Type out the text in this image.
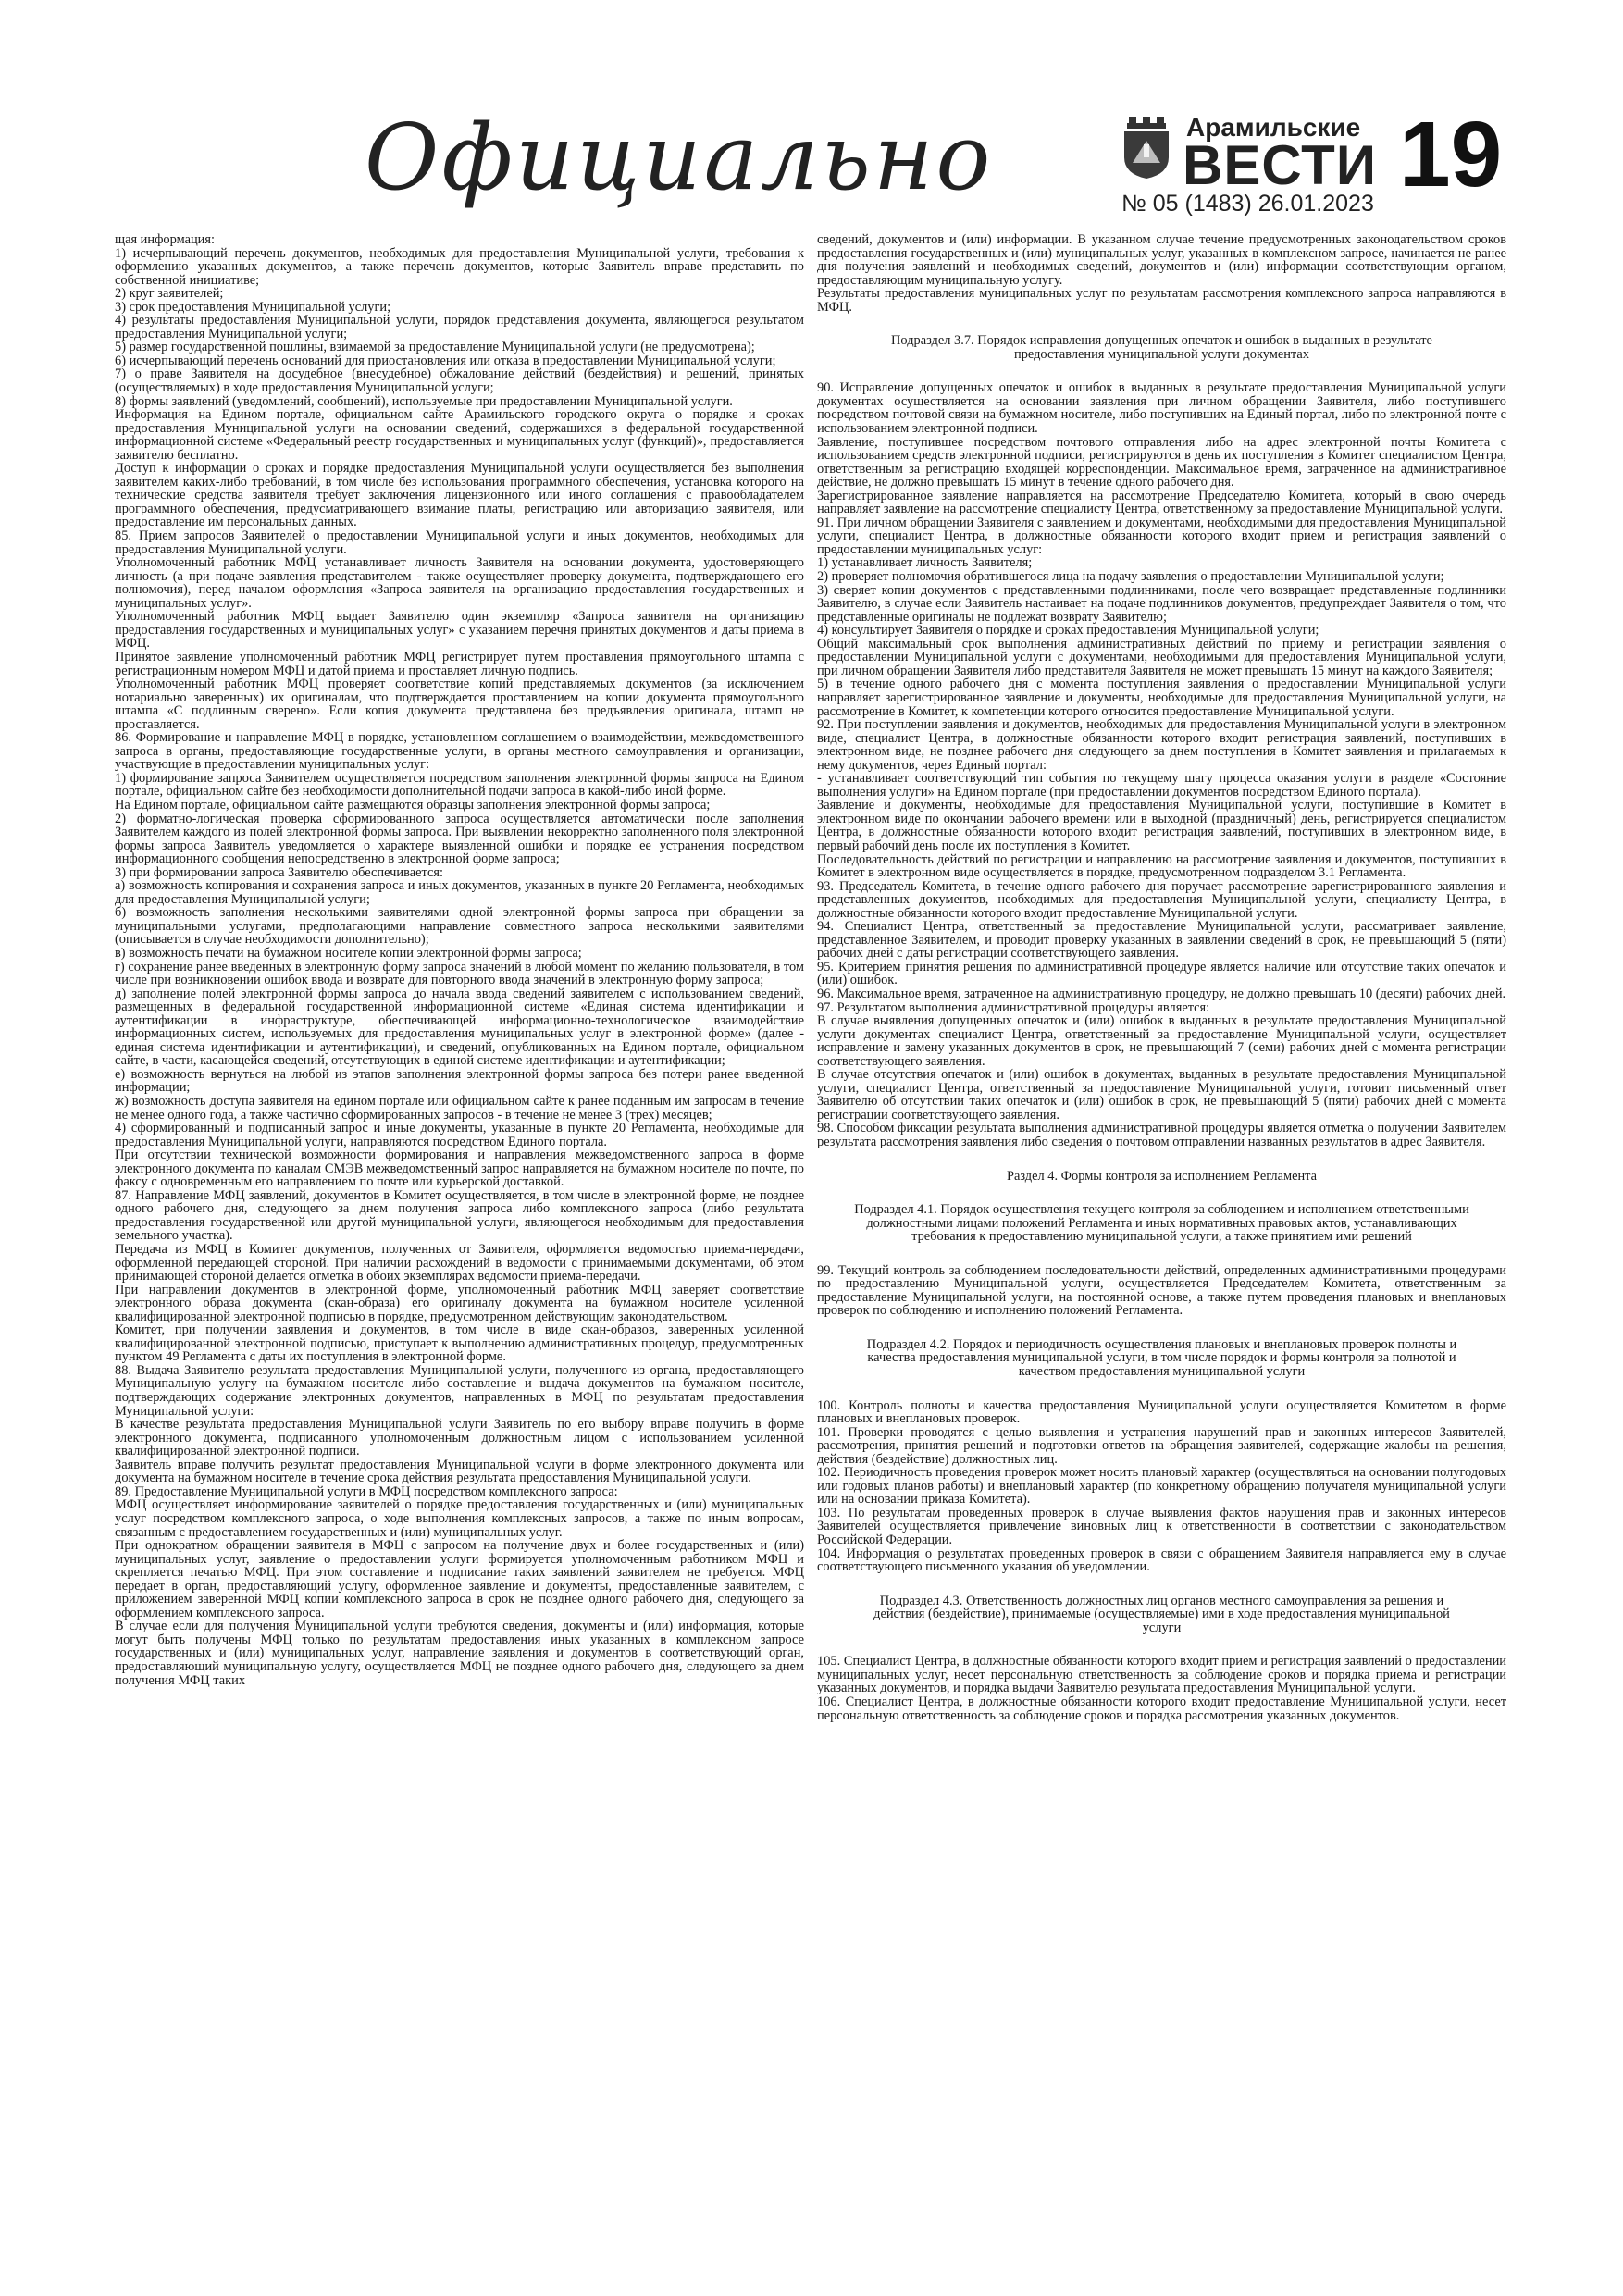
Официально	Арамильские
ВЕСТИ
№ 05 (1483) 26.01.2023 19

щая информация:

1) исчерпывающий перечень документов, необходимых для предоставления Муниципальной услуги, требования к оформлению указанных документов, а также перечень документов, которые Заявитель вправе представить по собственной инициативе;

2) круг заявителей;

3) срок предоставления Муниципальной услуги;

4) результаты предоставления Муниципальной услуги, порядок представления документа, являющегося результатом предоставления Муниципальной услуги;

5) размер государственной пошлины, взимаемой за предоставление Муниципальной услуги (не предусмотрена);

6) исчерпывающий перечень оснований для приостановления или отказа в предоставлении Муниципальной услуги;

7) о праве Заявителя на досудебное (внесудебное) обжалование действий (бездействия) и решений, принятых (осуществляемых) в ходе предоставления Муниципальной услуги;

8) формы заявлений (уведомлений, сообщений), используемые при предоставлении Муниципальной услуги.

Информация на Едином портале, официальном сайте Арамильского городского округа о порядке и сроках предоставления Муниципальной услуги на основании сведений, содержащихся в федеральной государственной информационной системе «Федеральный реестр государственных и муниципальных услуг (функций)», предоставляется заявителю бесплатно.

Доступ к информации о сроках и порядке предоставления Муниципальной услуги осуществляется без выполнения заявителем каких-либо требований, в том числе без использования программного обеспечения, установка которого на технические средства заявителя требует заключения лицензионного или иного соглашения с правообладателем программного обеспечения, предусматривающего взимание платы, регистрацию или авторизацию заявителя, или предоставление им персональных данных.

85. Прием запросов Заявителей о предоставлении Муниципальной услуги и иных документов, необходимых для предоставления Муниципальной услуги.

Уполномоченный работник МФЦ устанавливает личность Заявителя на основании документа, удостоверяющего личность (а при подаче заявления представителем - также осуществляет проверку документа, подтверждающего его полномочия), перед началом оформления «Запроса заявителя на организацию предоставления государственных и муниципальных услуг».

Уполномоченный работник МФЦ выдает Заявителю один экземпляр «Запроса заявителя на организацию предоставления государственных и муниципальных услуг» с указанием перечня принятых документов и даты приема в МФЦ.

Принятое заявление уполномоченный работник МФЦ регистрирует путем проставления прямоугольного штампа с регистрационным номером МФЦ и датой приема и проставляет личную подпись.

Уполномоченный работник МФЦ проверяет соответствие копий представляемых документов (за исключением нотариально заверенных) их оригиналам, что подтверждается проставлением на копии документа прямоугольного штампа «С подлинным сверено». Если копия документа представлена без предъявления оригинала, штамп не проставляется.

86. Формирование и направление МФЦ в порядке, установленном соглашением о взаимодействии, межведомственного запроса в органы, предоставляющие государственные услуги, в органы местного самоуправления и организации, участвующие в предоставлении муниципальных услуг:

1) формирование запроса Заявителем осуществляется посредством заполнения электронной формы запроса на Едином портале, официальном сайте без необходимости дополнительной подачи запроса в какой-либо иной форме.

На Едином портале, официальном сайте размещаются образцы заполнения электронной формы запроса;

2) форматно-логическая проверка сформированного запроса осуществляется автоматически после заполнения Заявителем каждого из полей электронной формы запроса. При выявлении некорректно заполненного поля электронной формы запроса Заявитель уведомляется о характере выявленной ошибки и порядке ее устранения посредством информационного сообщения непосредственно в электронной форме запроса;

3) при формировании запроса Заявителю обеспечивается:

а) возможность копирования и сохранения запроса и иных документов, указанных в пункте 20 Регламента, необходимых для предоставления Муниципальной услуги;

б) возможность заполнения несколькими заявителями одной электронной формы запроса при обращении за муниципальными услугами, предполагающими направление совместного запроса несколькими заявителями (описывается в случае необходимости дополнительно);

в) возможность печати на бумажном носителе копии электронной формы запроса;

г) сохранение ранее введенных в электронную форму запроса значений в любой момент по желанию пользователя, в том числе при возникновении ошибок ввода и возврате для повторного ввода значений в электронную форму запроса;

д) заполнение полей электронной формы запроса до начала ввода сведений заявителем с использованием сведений, размещенных в федеральной государственной информационной системе «Единая система идентификации и аутентификации в инфраструктуре, обеспечивающей информационно-технологическое взаимодействие информационных систем, используемых для предоставления муниципальных услуг в электронной форме» (далее - единая система идентификации и аутентификации), и сведений, опубликованных на Едином портале, официальном сайте, в части, касающейся сведений, отсутствующих в единой системе идентификации и аутентификации;

е) возможность вернуться на любой из этапов заполнения электронной формы запроса без потери ранее введенной информации;

ж) возможность доступа заявителя на едином портале или официальном сайте к ранее поданным им запросам в течение не менее одного года, а также частично сформированных запросов - в течение не менее 3 (трех) месяцев;

4) сформированный и подписанный запрос и иные документы, указанные в пункте 20 Регламента, необходимые для предоставления Муниципальной услуги, направляются посредством Единого портала.

При отсутствии технической возможности формирования и направления межведомственного запроса в форме электронного документа по каналам СМЭВ межведомственный запрос направляется на бумажном носителе по почте, по факсу с одновременным его направлением по почте или курьерской доставкой.

87. Направление МФЦ заявлений, документов в Комитет осуществляется, в том числе в электронной форме, не позднее одного рабочего дня, следующего за днем получения запроса либо комплексного запроса (либо результата предоставления государственной или другой муниципальной услуги, являющегося необходимым для предоставления земельного участка).

Передача из МФЦ в Комитет документов, полученных от Заявителя, оформляется ведомостью приема-передачи, оформленной передающей стороной. При наличии расхождений в ведомости с принимаемыми документами, об этом принимающей стороной делается отметка в обоих экземплярах ведомости приема-передачи.

При направлении документов в электронной форме, уполномоченный работник МФЦ заверяет соответствие электронного образа документа (скан-образа) его оригиналу документа на бумажном носителе усиленной квалифицированной электронной подписью в порядке, предусмотренном действующим законодательством.

Комитет, при получении заявления и документов, в том числе в виде скан-образов, заверенных усиленной квалифицированной электронной подписью, приступает к выполнению административных процедур, предусмотренных пунктом 49 Регламента с даты их поступления в электронной форме.

88. Выдача Заявителю результата предоставления Муниципальной услуги, полученного из органа, предоставляющего Муниципальную услугу на бумажном носителе либо составление и выдача документов на бумажном носителе, подтверждающих содержание электронных документов, направленных в МФЦ по результатам предоставления Муниципальной услуги:

В качестве результата предоставления Муниципальной услуги Заявитель по его выбору вправе получить в форме электронного документа, подписанного уполномоченным должностным лицом с использованием усиленной квалифицированной электронной подписи.

Заявитель вправе получить результат предоставления Муниципальной услуги в форме электронного документа или документа на бумажном носителе в течение срока действия результата предоставления Муниципальной услуги.

89. Предоставление Муниципальной услуги в МФЦ посредством комплексного запроса:

МФЦ осуществляет информирование заявителей о порядке предоставления государственных и (или) муниципальных услуг посредством комплексного запроса, о ходе выполнения комплексных запросов, а также по иным вопросам, связанным с предоставлением государственных и (или) муниципальных услуг.

При однократном обращении заявителя в МФЦ с запросом на получение двух и более государственных и (или) муниципальных услуг, заявление о предоставлении услуги формируется уполномоченным работником МФЦ и скрепляется печатью МФЦ. При этом составление и подписание таких заявлений заявителем не требуется. МФЦ передает в орган, предоставляющий услугу, оформленное заявление и документы, предоставленные заявителем, с приложением заверенной МФЦ копии комплексного запроса в срок не позднее одного рабочего дня, следующего за оформлением комплексного запроса.

В случае если для получения Муниципальной услуги требуются сведения, документы и (или) информация, которые могут быть получены МФЦ только по результатам предоставления иных указанных в комплексном запросе государственных и (или) муниципальных услуг, направление заявления и документов в соответствующий орган, предоставляющий муниципальную услугу, осуществляется МФЦ не позднее одного рабочего дня, следующего за днем получения МФЦ таких

сведений, документов и (или) информации. В указанном случае течение предусмотренных законодательством сроков предоставления государственных и (или) муниципальных услуг, указанных в комплексном запросе, начинается не ранее дня получения заявлений и необходимых сведений, документов и (или) информации соответствующим органом, предоставляющим муниципальную услугу.

Результаты предоставления муниципальных услуг по результатам рассмотрения комплексного запроса направляются в МФЦ.

Подраздел 3.7. Порядок исправления допущенных опечаток и ошибок в выданных в результате предоставления муниципальной услуги документах

90. Исправление допущенных опечаток и ошибок в выданных в результате предоставления Муниципальной услуги документах осуществляется на основании заявления при личном обращении Заявителя, либо поступившего посредством почтовой связи на бумажном носителе, либо поступивших на Единый портал, либо по электронной почте с использованием электронной подписи.

Заявление, поступившее посредством почтового отправления либо на адрес электронной почты Комитета с использованием средств электронной подписи, регистрируются в день их поступления в Комитет специалистом Центра, ответственным за регистрацию входящей корреспонденции. Максимальное время, затраченное на административное действие, не должно превышать 15 минут в течение одного рабочего дня.

Зарегистрированное заявление направляется на рассмотрение Председателю Комитета, который в свою очередь направляет заявление на рассмотрение специалисту Центра, ответственному за предоставление Муниципальной услуги.

91. При личном обращении Заявителя с заявлением и документами, необходимыми для предоставления Муниципальной услуги, специалист Центра, в должностные обязанности которого входит прием и регистрация заявлений о предоставлении муниципальных услуг:

1) устанавливает личность Заявителя;

2) проверяет полномочия обратившегося лица на подачу заявления о предоставлении Муниципальной услуги;

3) сверяет копии документов с представленными подлинниками, после чего возвращает представленные подлинники Заявителю, в случае если Заявитель настаивает на подаче подлинников документов, предупреждает Заявителя о том, что представленные оригиналы не подлежат возврату Заявителю;

4) консультирует Заявителя о порядке и сроках предоставления Муниципальной услуги;

Общий максимальный срок выполнения административных действий по приему и регистрации заявления о предоставлении Муниципальной услуги с документами, необходимыми для предоставления Муниципальной услуги, при личном обращении Заявителя либо представителя Заявителя не может превышать 15 минут на каждого Заявителя;

5) в течение одного рабочего дня с момента поступления заявления о предоставлении Муниципальной услуги направляет зарегистрированное заявление и документы, необходимые для предоставления Муниципальной услуги, на рассмотрение в Комитет, к компетенции которого относится предоставление Муниципальной услуги.

92. При поступлении заявления и документов, необходимых для предоставления Муниципальной услуги в электронном виде, специалист Центра, в должностные обязанности которого входит регистрация заявлений, поступивших в электронном виде, не позднее рабочего дня следующего за днем поступления в Комитет заявления и прилагаемых к нему документов, через Единый портал:

- устанавливает соответствующий тип события по текущему шагу процесса оказания услуги в разделе «Состояние выполнения услуги» на Едином портале (при предоставлении документов посредством Единого портала).

Заявление и документы, необходимые для предоставления Муниципальной услуги, поступившие в Комитет в электронном виде по окончании рабочего времени или в выходной (праздничный) день, регистрируется специалистом Центра, в должностные обязанности которого входит регистрация заявлений, поступивших в электронном виде, в первый рабочий день после их поступления в Комитет.

Последовательность действий по регистрации и направлению на рассмотрение заявления и документов, поступивших в Комитет в электронном виде осуществляется в порядке, предусмотренном подразделом 3.1 Регламента.

93. Председатель Комитета, в течение одного рабочего дня поручает рассмотрение зарегистрированного заявления и представленных документов, необходимых для предоставления Муниципальной услуги, специалисту Центра, в должностные обязанности которого входит предоставление Муниципальной услуги.

94. Специалист Центра, ответственный за предоставление Муниципальной услуги, рассматривает заявление, представленное Заявителем, и проводит проверку указанных в заявлении сведений в срок, не превышающий 5 (пяти) рабочих дней с даты регистрации соответствующего заявления.

95. Критерием принятия решения по административной процедуре является наличие или отсутствие таких опечаток и (или) ошибок.

96. Максимальное время, затраченное на административную процедуру, не должно превышать 10 (десяти) рабочих дней.

97. Результатом выполнения административной процедуры является:

В случае выявления допущенных опечаток и (или) ошибок в выданных в результате предоставления Муниципальной услуги документах специалист Центра, ответственный за предоставление Муниципальной услуги, осуществляет исправление и замену указанных документов в срок, не превышающий 7 (семи) рабочих дней с момента регистрации соответствующего заявления.

В случае отсутствия опечаток и (или) ошибок в документах, выданных в результате предоставления Муниципальной услуги, специалист Центра, ответственный за предоставление Муниципальной услуги, готовит письменный ответ Заявителю об отсутствии таких опечаток и (или) ошибок в срок, не превышающий 5 (пяти) рабочих дней с момента регистрации соответствующего заявления.

98. Способом фиксации результата выполнения административной процедуры является отметка о получении Заявителем результата рассмотрения заявления либо сведения о почтовом отправлении названных результатов в адрес Заявителя.

Раздел 4. Формы контроля за исполнением Регламента

Подраздел 4.1. Порядок осуществления текущего контроля за соблюдением и исполнением ответственными должностными лицами положений Регламента и иных нормативных правовых актов, устанавливающих требования к предоставлению муниципальной услуги, а также принятием ими решений

99. Текущий контроль за соблюдением последовательности действий, определенных административными процедурами по предоставлению Муниципальной услуги, осуществляется Председателем Комитета, ответственным за предоставление Муниципальной услуги, на постоянной основе, а также путем проведения плановых и внеплановых проверок по соблюдению и исполнению положений Регламента.

Подраздел 4.2. Порядок и периодичность осуществления плановых и внеплановых проверок полноты и качества предоставления муниципальной услуги, в том числе порядок и формы контроля за полнотой и качеством предоставления муниципальной услуги

100. Контроль полноты и качества предоставления Муниципальной услуги осуществляется Комитетом в форме плановых и внеплановых проверок.

101. Проверки проводятся с целью выявления и устранения нарушений прав и законных интересов Заявителей, рассмотрения, принятия решений и подготовки ответов на обращения заявителей, содержащие жалобы на решения, действия (бездействие) должностных лиц.

102. Периодичность проведения проверок может носить плановый характер (осуществляться на основании полугодовых или годовых планов работы) и внеплановый характер (по конкретному обращению получателя муниципальной услуги или на основании приказа Комитета).

103. По результатам проведенных проверок в случае выявления фактов нарушения прав и законных интересов Заявителей осуществляется привлечение виновных лиц к ответственности в соответствии с законодательством Российской Федерации.

104. Информация о результатах проведенных проверок в связи с обращением Заявителя направляется ему в случае соответствующего письменного указания об уведомлении.

Подраздел 4.3. Ответственность должностных лиц органов местного самоуправления за решения и действия (бездействие), принимаемые (осуществляемые) ими в ходе предоставления муниципальной услуги

105. Специалист Центра, в должностные обязанности которого входит прием и регистрация заявлений о предоставлении муниципальных услуг, несет персональную ответственность за соблюдение сроков и порядка приема и регистрации указанных документов, и порядка выдачи Заявителю результата предоставления Муниципальной услуги.

106. Специалист Центра, в должностные обязанности которого входит предоставление Муниципальной услуги, несет персональную ответственность за соблюдение сроков и порядка рассмотрения указанных документов.
